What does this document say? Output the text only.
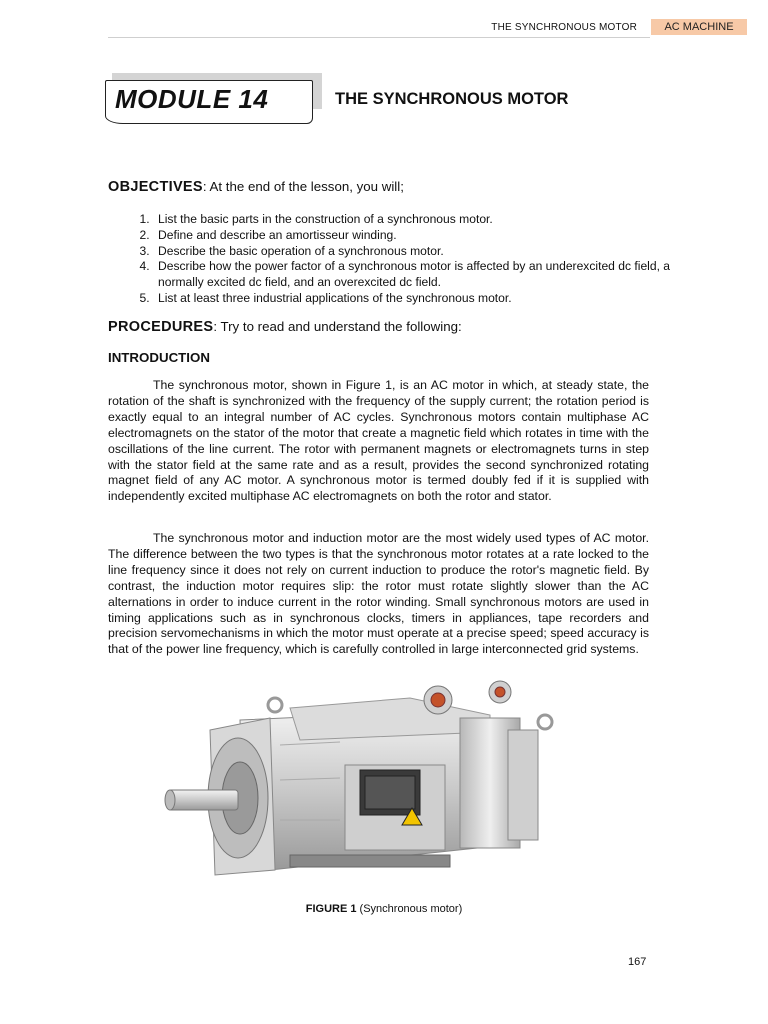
THE SYNCHRONOUS MOTOR	AC MACHINE
MODULE 14	THE SYNCHRONOUS MOTOR
OBJECTIVES: At the end of the lesson, you will;
1. List the basic parts in the construction of a synchronous motor.
2. Define and describe an amortisseur winding.
3. Describe the basic operation of a synchronous motor.
4. Describe how the power factor of a synchronous motor is affected by an underexcited dc field, a normally excited dc field, and an overexcited dc field.
5. List at least three industrial applications of the synchronous motor.
PROCEDURES: Try to read and understand the following:
INTRODUCTION

The synchronous motor, shown in Figure 1, is an AC motor in which, at steady state, the rotation of the shaft is synchronized with the frequency of the supply current; the rotation period is exactly equal to an integral number of AC cycles. Synchronous motors contain multiphase AC electromagnets on the stator of the motor that create a magnetic field which rotates in time with the oscillations of the line current. The rotor with permanent magnets or electromagnets turns in step with the stator field at the same rate and as a result, provides the second synchronized rotating magnet field of any AC motor. A synchronous motor is termed doubly fed if it is supplied with independently excited multiphase AC electromagnets on both the rotor and stator.

The synchronous motor and induction motor are the most widely used types of AC motor. The difference between the two types is that the synchronous motor rotates at a rate locked to the line frequency since it does not rely on current induction to produce the rotor's magnetic field. By contrast, the induction motor requires slip: the rotor must rotate slightly slower than the AC alternations in order to induce current in the rotor winding. Small synchronous motors are used in timing applications such as in synchronous clocks, timers in appliances, tape recorders and precision servomechanisms in which the motor must operate at a precise speed; speed accuracy is that of the power line frequency, which is carefully controlled in large interconnected grid systems.

FIGURE 1 (Synchronous motor)
167
